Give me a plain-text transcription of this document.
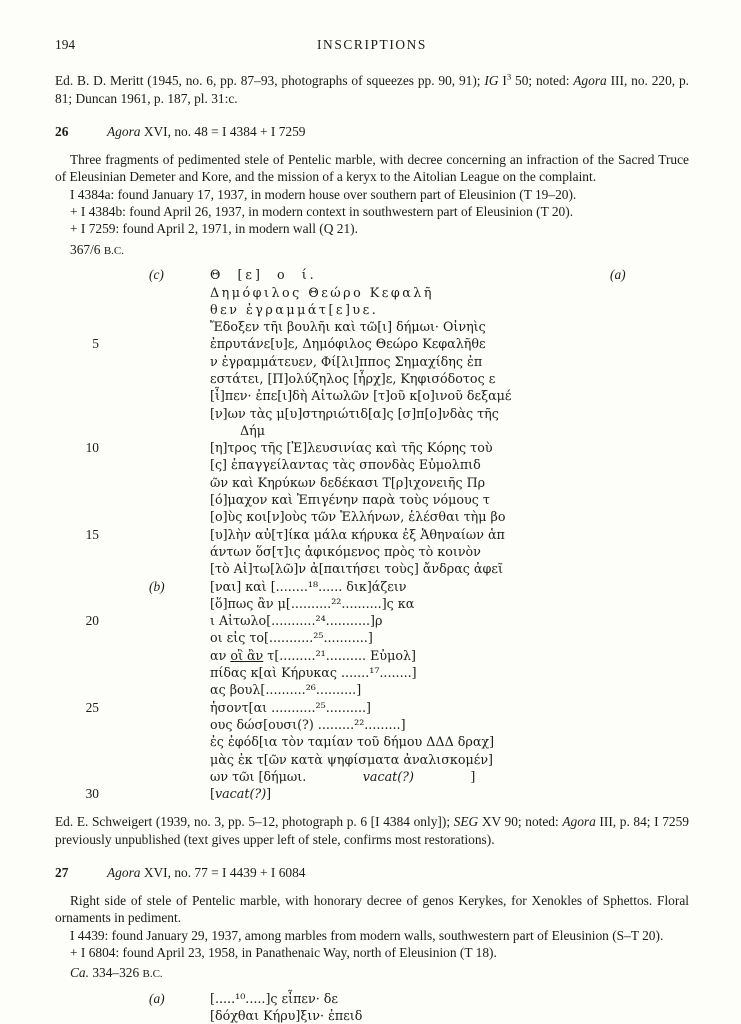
194	INSCRIPTIONS

Ed. B. D. Meritt (1945, no. 6, pp. 87–93, photographs of squeezes pp. 90, 91); IG $I^3$ 50; noted: Agora III, no. 220, p. 81; Duncan 1961, p. 187, pl. 31:c.

26	Agora XVI, no. 48 = I 4384 + I 7259

Three fragments of pedimented stele of Pentelic marble, with decree concerning an infraction of the Sacred Truce of Eleusinian Demeter and Kore, and the mission of a keryx to the Aitolian League on the complaint.

I 4384a: found January 17, 1937, in modern house over southern part of Eleusinion (T 19–20).

+ I 4384b: found April 26, 1937, in modern context in southwestern part of Eleusinion (T 20).

+ I 7259: found April 2, 1971, in modern wall (Q 21).

367/6 B.C.

(c)	Θ  [ε]  ο  ί.	(a)
Δημόφιλος Θεώρο Κεφαλῆ
θεν ἐγραμμάτ[ε]υε.
Ἔδοξεν τῆι βουλῆι καὶ τῶ[ι] δήμωι· Οἰνηὶς
5	ἐπρυτάνε[υ]ε, Δημόφιλος Θεώρο Κεφαλῆθε
ν ἐγραμμάτευεν, Φί[λι]ππος Σημαχίδης ἐπ
εστάτει, [Π]ολύζηλος [ἦρχ]ε, Κηφισόδοτος ε
[ἶ]πεν· ἐπε[ι]δὴ Αἰτωλῶν [τ]οῦ κ[ο]ινοῦ δεξαμέ
[ν]ων τὰς μ[υ]στηριώτιδ[α]ς [σ]π[ο]νδὰς τῆς
Δήμ
10	[η]τρος τῆς [Ἐ]λευσινίας καὶ τῆς Κόρης τοὺ
[ς] ἐπαγγείλαντας τὰς σπονδὰς Εὐμολπιδ
ῶν καὶ Κηρύκων δεδέκασι Τ[ρ]ιχονειῆς Πρ
[ό]μαχον καὶ Ἐπιγένην παρὰ τοὺς νόμους τ
[ο]ὺς κοι[ν]οὺς τῶν Ἑλλήνων, ἑλέσθαι τὴμ βο
15	[υ]λὴν αὐ[τ]ίκα μάλα κήρυκα ἐξ Ἀθηναίων ἁπ
άντων ὅσ[τ]ις ἀφικόμενος πρὸς τὸ κοινὸν
[τὸ Αἰ]τω[λῶ]ν ἀ[παιτήσει τοὺς] ἄνδρας ἀφεῖ
(b)	[ναι] καὶ [........¹⁸...... δικ]άζειν
[ὅ]πως ἂν μ[..........²²..........]ς κα
20	ι Αἰτωλο[...........²⁴...........]ρ
οι εἰς το[...........²⁵...........]
αν οἳ ἂν τ[.........²¹.......... Εὐμολ]
πίδας κ[αὶ Κήρυκας .......¹⁷........]
ας βουλ[..........²⁶..........]
25	ἡσοντ[αι ...........²⁵..........]
ους δώσ[ουσι(?) .........²².........]
ἐς ἐφόδ[ια τὸν ταμίαν τοῦ δήμου ΔΔΔ δραχ]
μὰς ἐκ τ[ῶν κατὰ ψηφίσματα ἀναλισκομέν]
ων τῶι [δήμωι.	vacat(?)              ]
30	[vacat(?)]

Ed. E. Schweigert (1939, no. 3, pp. 5–12, photograph p. 6 [I 4384 only]); SEG XV 90; noted: Agora III, p. 84; I 7259 previously unpublished (text gives upper left of stele, confirms most restorations).

27	Agora XVI, no. 77 = I 4439 + I 6084

Right side of stele of Pentelic marble, with honorary decree of genos Kerykes, for Xenokles of Sphettos. Floral ornaments in pediment.

I 4439: found January 29, 1937, among marbles from modern walls, southwestern part of Eleusinion (S–T 20).

+ I 6804: found April 23, 1958, in Panathenaic Way, north of Eleusinion (T 18).

Ca. 334–326 B.C.

(a)	[.....¹⁰.....]ς εἶπεν· δε
[δόχθαι Κήρυ]ξιν· ἐπειδ
